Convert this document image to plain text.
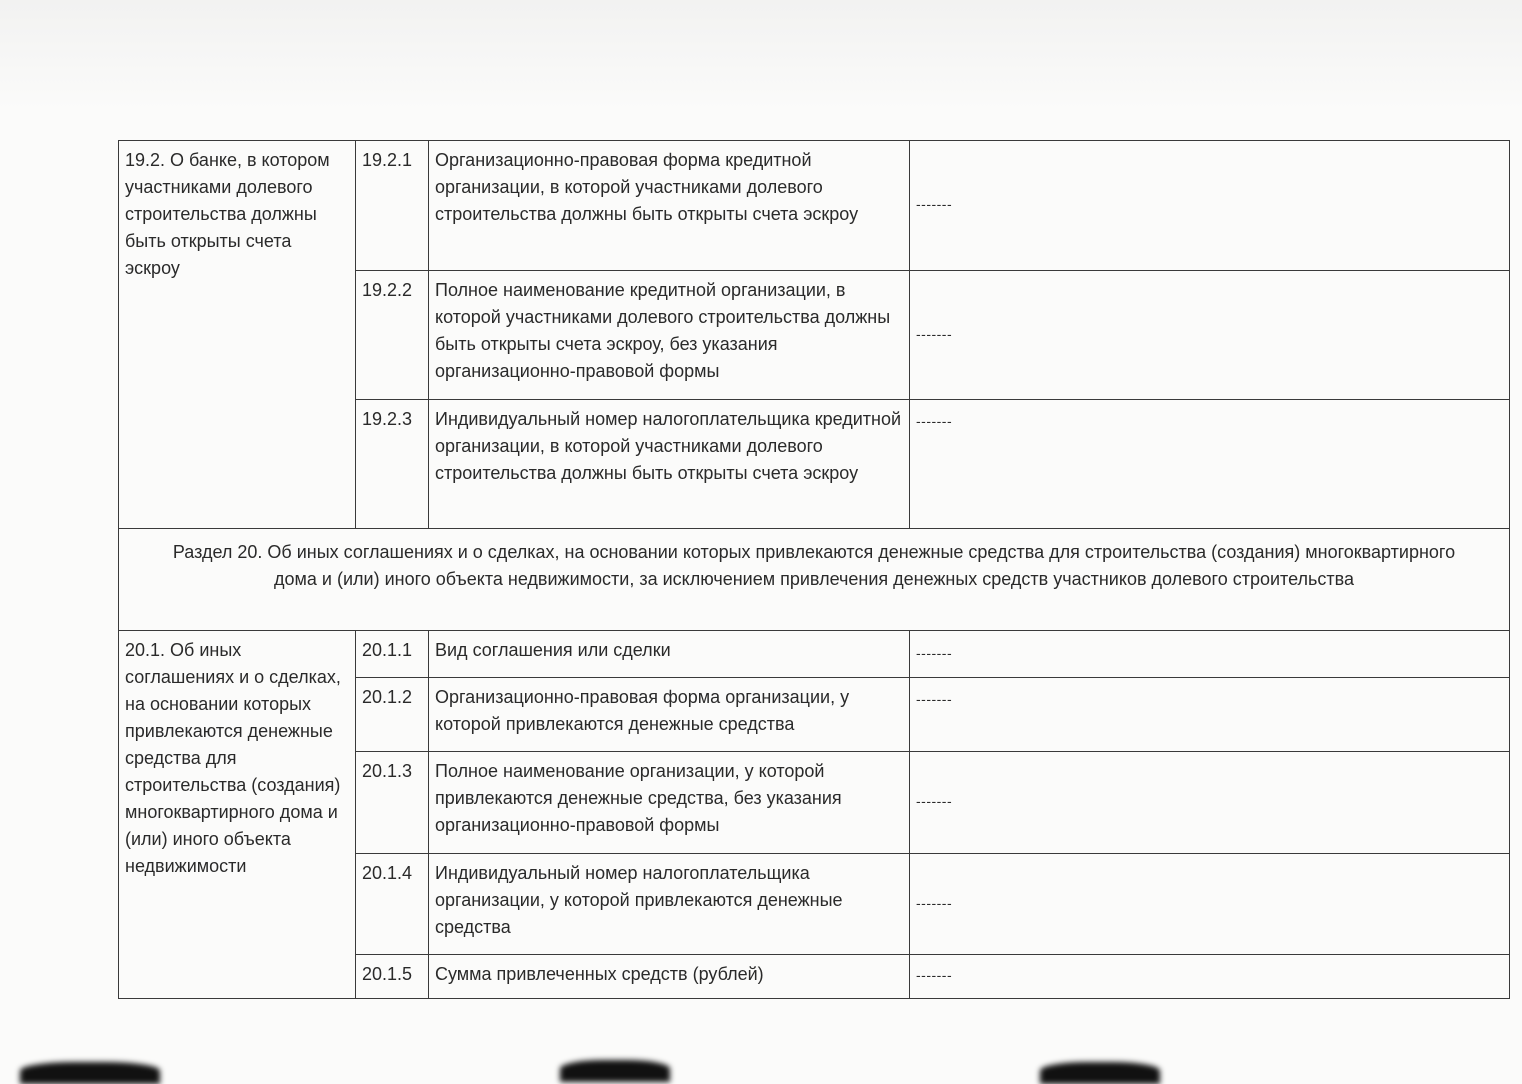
19.2. О банке, в котором участниками долевого строительства должны быть открыты счета эскроу	19.2.1	Организационно-правовая форма кредитной организации, в которой участниками долевого строительства должны быть открыты счета эскроу	-------
	19.2.2	Полное наименование кредитной организации, в которой участниками долевого строительства должны быть открыты счета эскроу, без указания организационно-правовой формы	-------
	19.2.3	Индивидуальный номер налогоплательщика кредитной организации, в которой участниками долевого строительства должны быть открыты счета эскроу	-------
Раздел 20. Об иных соглашениях и о сделках, на основании которых привлекаются денежные средства для строительства (создания) многоквартирного дома и (или) иного объекта недвижимости, за исключением привлечения денежных средств участников долевого строительства			
20.1. Об иных соглашениях и о сделках, на основании которых привлекаются денежные средства для строительства (создания) многоквартирного дома и (или) иного объекта недвижимости	20.1.1	Вид соглашения или сделки	-------
	20.1.2	Организационно-правовая форма организации, у которой привлекаются денежные средства	-------
	20.1.3	Полное наименование организации, у которой привлекаются денежные средства, без указания организационно-правовой формы	-------
	20.1.4	Индивидуальный номер налогоплательщика организации, у которой привлекаются денежные средства	-------
	20.1.5	Сумма привлеченных средств (рублей)	-------
